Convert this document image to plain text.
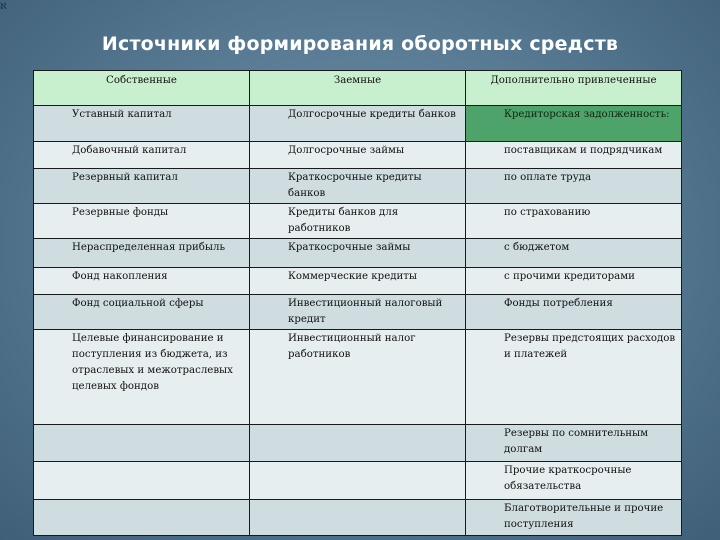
ℵ
Источники формирования оборотных средств
Собственные	Заемные	Дополнительно привлеченные
Уставный капитал	Долгосрочные кредиты банков	Кредиторская задолженность:
Добавочный капитал	Долгосрочные займы	поставщикам и подрядчикам
Резервный капитал	Краткосрочные кредиты банков	по оплате труда
Резервные фонды	Кредиты банков для работников	по страхованию
Нераспределенная прибыль	Краткосрочные займы	с бюджетом
Фонд накопления	Коммерческие кредиты	с прочими кредиторами
Фонд социальной сферы	Инвестиционный налоговый кредит	Фонды потребления
Целевые финансирование и поступления из бюджета, из отраслевых и межотраслевых целевых фондов	Инвестиционный налог работников	Резервы предстоящих расходов и платежей
		Резервы по сомнительным долгам
		Прочие краткосрочные обязательства
		Благотворительные и прочие поступления
